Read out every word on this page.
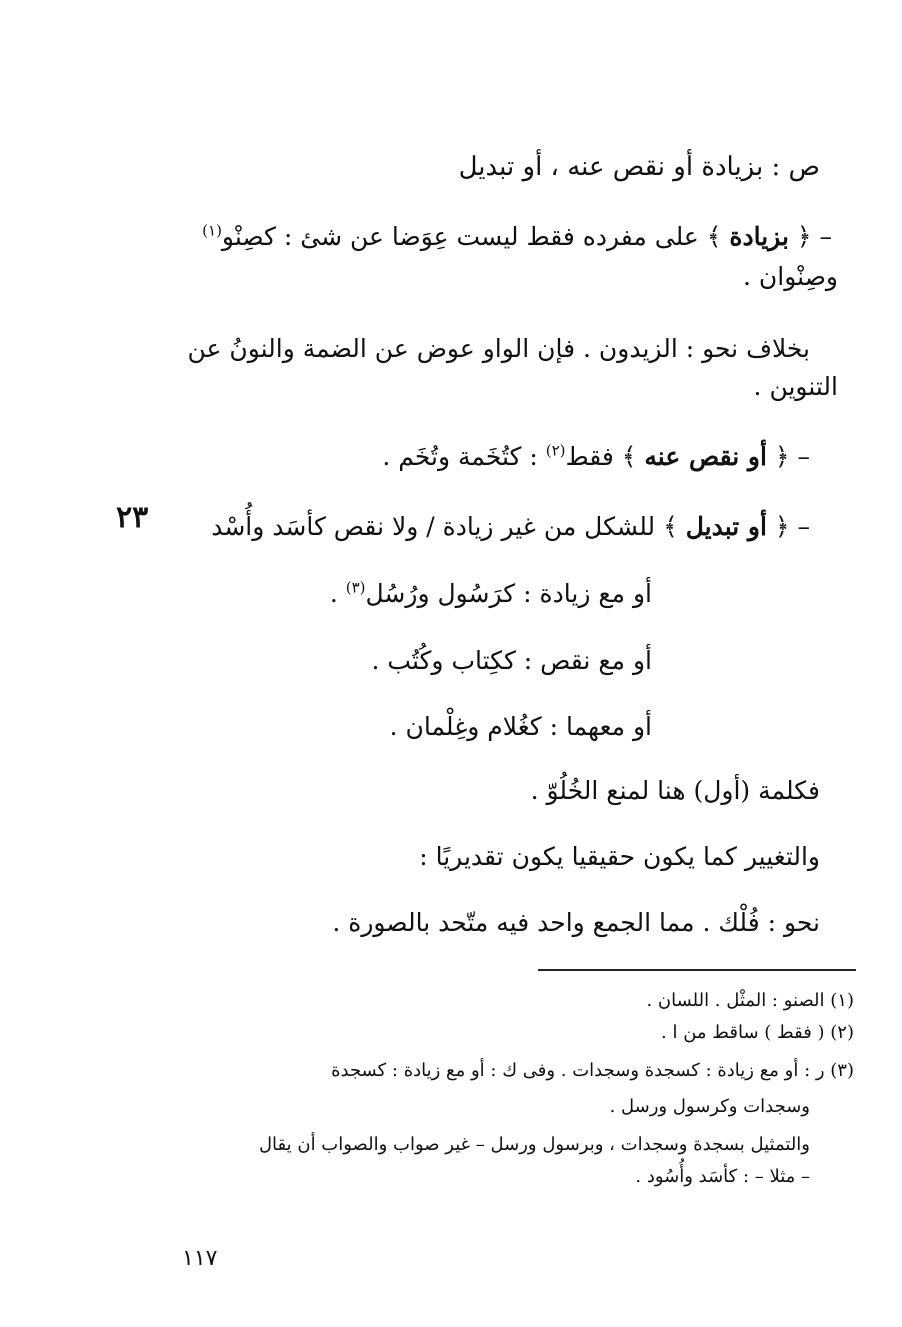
ص : بزيادة أو نقص عنه ، أو تبديل
– ﴿ بزيادة ﴾ على مفرده فقط ليست عِوَضا عن شئ : كصِنْو$^{(١)}$
وصِنْوان .
بخلاف نحو : الزيدون . فإن الواو عوض عن الضمة والنونُ عن
التنوين .
– ﴿ أو نقص عنه ﴾ فقط$^{(٢)}$ : كتُخَمة وتُخَم .
– ﴿ أو تبديل ﴾ للشكل من غير زيادة / ولا نقص كأسَد وأُسْد
٢٣
أو مع زيادة : كرَسُول ورُسُل$^{(٣)}$ .
أو مع نقص : ككِتاب وكُتُب .
أو معهما : كغُلام وغِلْمان .
فكلمة (أول) هنا لمنع الخُلُوّ .
والتغيير كما يكون حقيقيا يكون تقديريًا :
نحو : فُلْك . مما الجمع واحد فيه متّحد بالصورة .
(١) الصنو : المثْل . اللسان .
(٢) ( فقط ) ساقط من ا .
(٣) ر : أو مع زيادة : كسجدة وسجدات . وفى ك : أو مع زيادة : كسجدة
وسجدات وكرسول ورسل .
والتمثيل بسجدة وسجدات ، وبرسول ورسل – غير صواب والصواب أن يقال
– مثلا – : كأسَد وأُسُود .
١١٧
